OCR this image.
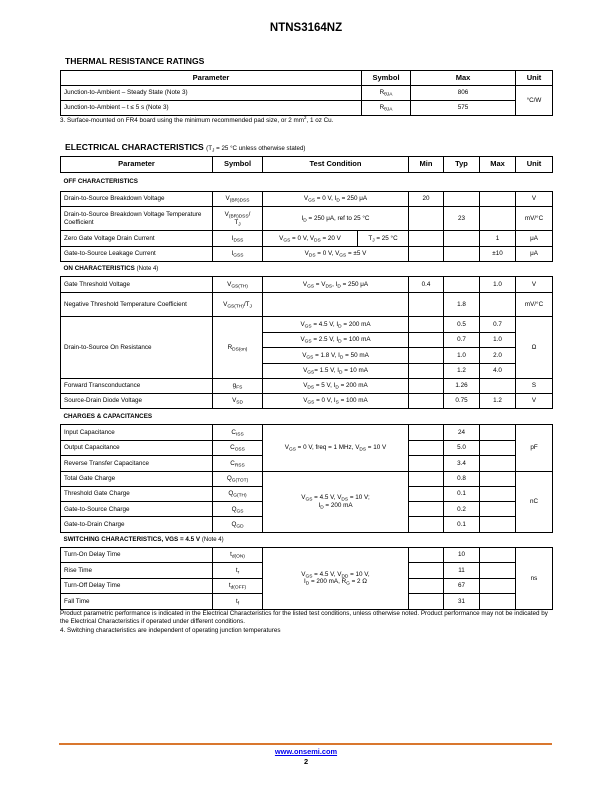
NTNS3164NZ
THERMAL RESISTANCE RATINGS
Parameter	Symbol	Max	Unit
Junction-to-Ambient – Steady State (Note 3)	$R_{\theta JA}$	806	°C/W
Junction-to-Ambient – t ≤ 5 s (Note 3)	$R_{\theta JA}$	575	
3. Surface-mounted on FR4 board using the minimum recommended pad size, or 2 $mm^2$, 1 oz Cu.
ELECTRICAL CHARACTERISTICS ($T_J = 25$ °C unless otherwise stated)
Parameter	Symbol	Test Condition		Min	Typ	Max	Unit
OFF CHARACTERISTICS							
Drain-to-Source Breakdown Voltage	$V_{(BR)DSS}$	$V_{GS} = 0$ V, $I_D = 250$ μA		20			V
Drain-to-Source Breakdown Voltage Temperature Coefficient	$V_{(BR)DSS}/$
$T_J$	$I_D = 250$ μA, ref to 25 °C			23		mV/°C
Zero Gate Voltage Drain Current	$I_{DSS}$	$V_{GS} = 0$ V, $V_{DS} = 20$ V	$T_J = 25$ °C			1	μA
Gate-to-Source Leakage Current	$I_{GSS}$	$V_{DS} = 0$ V, $V_{GS} = \pm 5$ V				±10	μA
ON CHARACTERISTICS (Note 4)							
Gate Threshold Voltage	$V_{GS(TH)}$	$V_{GS} = V_{DS}$, $I_D = 250$ μA		0.4		1.0	V
Negative Threshold Temperature Coefficient	$V_{GS(TH)}/T_J$				1.8		mV/°C
Drain-to-Source On Resistance	$R_{DS(on)}$	$V_{GS} = 4.5$ V, $I_D = 200$ mA			0.5	0.7	Ω
		$V_{GS} = 2.5$ V, $I_D = 100$ mA			0.7	1.0	
		$V_{GS} = 1.8$ V, $I_D = 50$ mA			1.0	2.0	
		$V_{GS}= 1.5$ V, $I_D = 10$ mA			1.2	4.0	
Forward Transconductance	$g_{FS}$	$V_{DS} = 5$ V, $I_D = 200$ mA			1.26		S
Source-Drain Diode Voltage	$V_{SD}$	$V_{GS} = 0$ V, $I_S = 100$ mA			0.75	1.2	V
CHARGES & CAPACITANCES							
Input Capacitance	$C_{ISS}$	$V_{GS} = 0$ V, freq = 1 MHz, $V_{DS} = 10$ V			24		pF
Output Capacitance	$C_{OSS}$				5.0		
Reverse Transfer Capacitance	$C_{RSS}$				3.4		
Total Gate Charge	$Q_{G(TOT)}$	$V_{GS} = 4.5$ V, $V_{DS} = 10$ V;
$I_D = 200$ mA			0.8		nC
Threshold Gate Charge	$Q_{G(TH)}$				0.1		
Gate-to-Source Charge	$Q_{GS}$				0.2		
Gate-to-Drain Charge	$Q_{GD}$				0.1		
SWITCHING CHARACTERISTICS, VGS = 4.5 V (Note 4)							
Turn-On Delay Time	$t_{d(ON)}$	$V_{GS} = 4.5$ V, $V_{DD} = 10$ V,
$I_D = 200$ mA, $R_G = 2$ Ω			10		ns
Rise Time	$t_r$				11		
Turn-Off Delay Time	$t_{d(OFF)}$				67		
Fall Time	$t_f$				31		
Product parametric performance is indicated in the Electrical Characteristics for the listed test conditions, unless otherwise noted. Product performance may not be indicated by the Electrical Characteristics if operated under different conditions.
4. Switching characteristics are independent of operating junction temperatures
www.onsemi.com
2
